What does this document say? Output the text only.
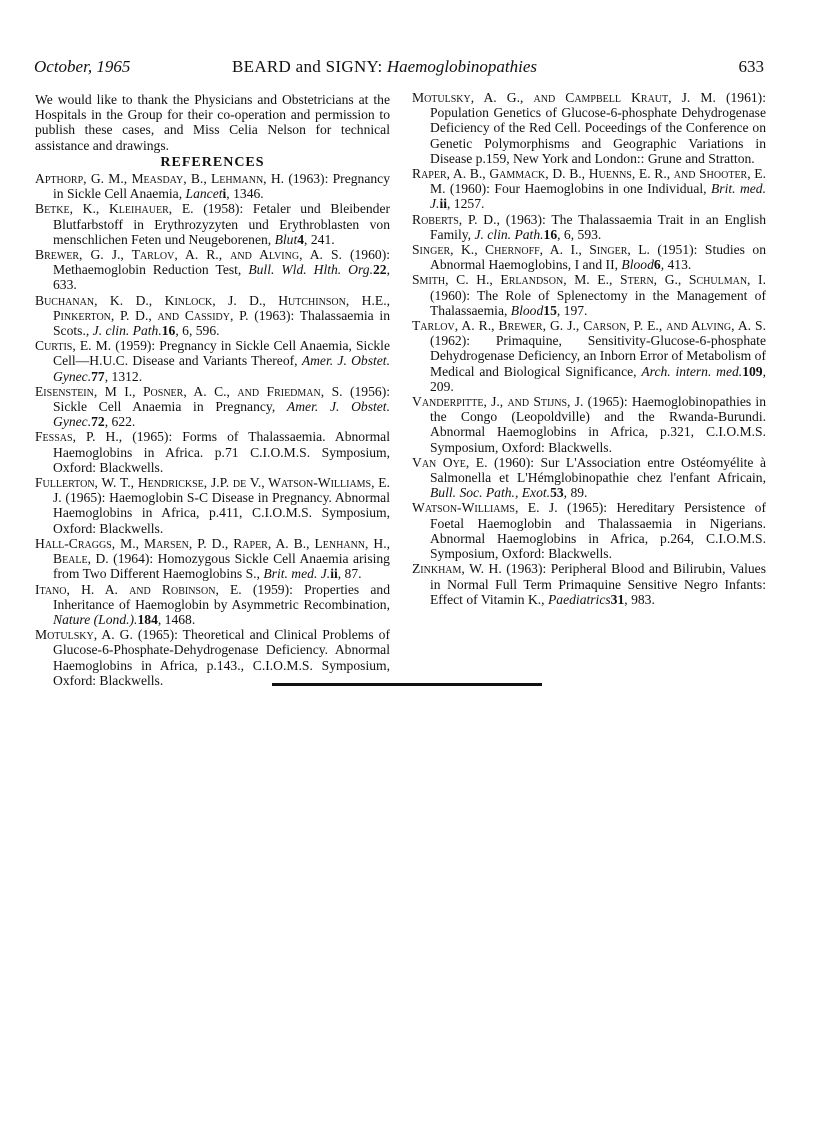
October, 1965	BEARD and SIGNY: Haemoglobinopathies	633

We would like to thank the Physicians and Obstetricians at the Hospitals in the Group for their co-operation and permission to publish these cases, and Miss Celia Nelson for technical assistance and drawings.

REFERENCES

Apthorp, G. M., Measday, B., Lehmann, H. (1963): Pregnancy in Sickle Cell Anaemia, Lanceti, 1346.

Betke, K., Kleihauer, E. (1958): Fetaler und Bleibender Blutfarbstoff in Erythrozyzyten und Erythroblasten von menschlichen Feten und Neugeborenen, Blut4, 241.

Brewer, G. J., Tarlov, A. R., and Alving, A. S. (1960): Methaemoglobin Reduction Test, Bull. Wld. Hlth. Org.22, 633.

Buchanan, K. D., Kinlock, J. D., Hutchinson, H.E., Pinkerton, P. D., and Cassidy, P. (1963): Thalassaemia in Scots., J. clin. Path.16, 6, 596.

Curtis, E. M. (1959): Pregnancy in Sickle Cell Anaemia, Sickle Cell—H.U.C. Disease and Variants Thereof, Amer. J. Obstet. Gynec.77, 1312.

Eisenstein, M I., Posner, A. C., and Friedman, S. (1956): Sickle Cell Anaemia in Pregnancy, Amer. J. Obstet. Gynec.72, 622.

Fessas, P. H., (1965): Forms of Thalassaemia. Abnormal Haemoglobins in Africa. p.71 C.I.O.M.S. Symposium, Oxford: Blackwells.

Fullerton, W. T., Hendrickse, J.P. de V., Watson-Williams, E. J. (1965): Haemoglobin S-C Disease in Pregnancy. Abnormal Haemoglobins in Africa, p.411, C.I.O.M.S. Symposium, Oxford: Blackwells.

Hall-Craggs, M., Marsen, P. D., Raper, A. B., Lenhann, H., Beale, D. (1964): Homozygous Sickle Cell Anaemia arising from Two Different Haemoglobins S., Brit. med. J.ii, 87.

Itano, H. A. and Robinson, E. (1959): Properties and Inheritance of Haemoglobin by Asymmetric Recombination, Nature (Lond.).184, 1468.

Motulsky, A. G. (1965): Theoretical and Clinical Problems of Glucose-6-Phosphate-Dehydrogenase Deficiency. Abnormal Haemoglobins in Africa, p.143., C.I.O.M.S. Symposium, Oxford: Blackwells.

Motulsky, A. G., and Campbell Kraut, J. M. (1961): Population Genetics of Glucose-6-phosphate Dehydrogenase Deficiency of the Red Cell. Poceedings of the Conference on Genetic Polymorphisms and Geographic Variations in Disease p.159, New York and London:: Grune and Stratton.

Raper, A. B., Gammack, D. B., Huenns, E. R., and Shooter, E. M. (1960): Four Haemoglobins in one Individual, Brit. med. J.ii, 1257.

Roberts, P. D., (1963): The Thalassaemia Trait in an English Family, J. clin. Path.16, 6, 593.

Singer, K., Chernoff, A. I., Singer, L. (1951): Studies on Abnormal Haemoglobins, I and II, Blood6, 413.

Smith, C. H., Erlandson, M. E., Stern, G., Schulman, I. (1960): The Role of Splenectomy in the Management of Thalassaemia, Blood15, 197.

Tarlov, A. R., Brewer, G. J., Carson, P. E., and Alving, A. S. (1962): Primaquine, Sensitivity-Glucose-6-phosphate Dehydrogenase Deficiency, an Inborn Error of Metabolism of Medical and Biological Significance, Arch. intern. med.109, 209.

Vanderpitte, J., and Stijns, J. (1965): Haemoglobinopathies in the Congo (Leopoldville) and the Rwanda-Burundi. Abnormal Haemoglobins in Africa, p.321, C.I.O.M.S. Symposium, Oxford: Blackwells.

Van Oye, E. (1960): Sur L'Association entre Ostéomyélite à Salmonella et L'Hémglobinopathie chez l'enfant Africain, Bull. Soc. Path., Exot.53, 89.

Watson-Williams, E. J. (1965): Hereditary Persistence of Foetal Haemoglobin and Thalassaemia in Nigerians. Abnormal Haemoglobins in Africa, p.264, C.I.O.M.S. Symposium, Oxford: Blackwells.

Zinkham, W. H. (1963): Peripheral Blood and Bilirubin, Values in Normal Full Term Primaquine Sensitive Negro Infants: Effect of Vitamin K., Paediatrics31, 983.
